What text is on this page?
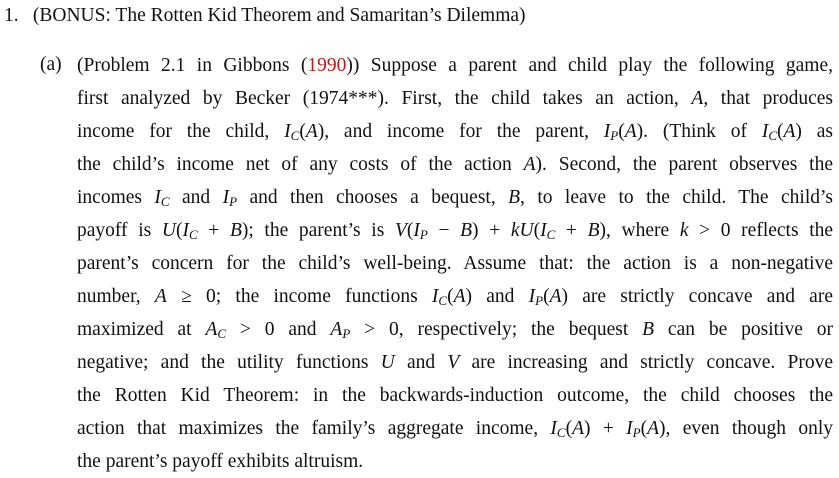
1. (BONUS: The Rotten Kid Theorem and Samaritan’s Dilemma)
(a) (Problem 2.1 in Gibbons (1990)) Suppose a parent and child play the following game,
first analyzed by Becker (1974***). First, the child takes an action, A, that produces
income for the child, $I_C(A)$, and income for the parent, $I_P(A)$. (Think of $I_C(A)$ as
the child’s income net of any costs of the action A). Second, the parent observes the
incomes $I_C$ and $I_P$ and then chooses a bequest, B, to leave to the child. The child’s
payoff is $U(I_C + B)$; the parent’s is $V(I_P - B) + kU(I_C + B)$, where k > 0 reflects the
parent’s concern for the child’s well-being. Assume that: the action is a non-negative
number, A ≥ 0; the income functions $I_C(A)$ and $I_P(A)$ are strictly concave and are
maximized at $A_C > 0$ and $A_P > 0$, respectively; the bequest B can be positive or
negative; and the utility functions U and V are increasing and strictly concave. Prove
the Rotten Kid Theorem: in the backwards-induction outcome, the child chooses the
action that maximizes the family’s aggregate income, $I_C(A) + I_P(A)$, even though only
the parent’s payoff exhibits altruism.
